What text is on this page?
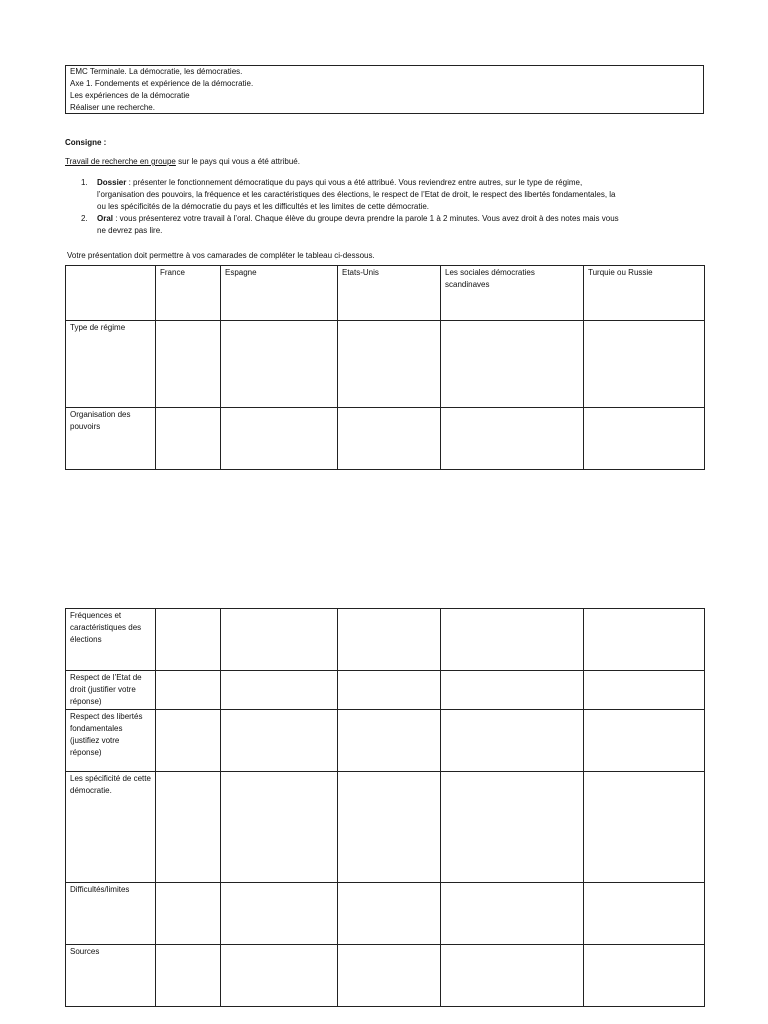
EMC Terminale. La démocratie, les démocraties.
Axe 1. Fondements et expérience de la démocratie.
Les expériences de la démocratie
Réaliser une recherche.
Consigne :
Travail de recherche en groupe sur le pays qui vous a été attribué.
1. Dossier : présenter le fonctionnement démocratique du pays qui vous a été attribué. Vous reviendrez entre autres, sur le type de régime,
l’organisation des pouvoirs, la fréquence et les caractéristiques des élections, le respect de l’Etat de droit, le respect des libertés fondamentales, la
ou les spécificités de la démocratie du pays et les difficultés et les limites de cette démocratie.
2. Oral : vous présenterez votre travail à l’oral. Chaque élève du groupe devra prendre la parole 1 à 2 minutes. Vous avez droit à des notes mais vous
ne devrez pas lire.
Votre présentation doit permettre à vos camarades de compléter le tableau ci-dessous.
	France	Espagne	Etats-Unis	Les sociales démocraties scandinaves	Turquie ou Russie
Type de régime					
Organisation des pouvoirs					
Fréquences et caractéristiques des élections					
Respect de l’Etat de droit (justifier votre réponse)					
Respect des libertés fondamentales (justifiez votre réponse)					
Les spécificité de cette démocratie.					
Difficultés/limites					
Sources					
